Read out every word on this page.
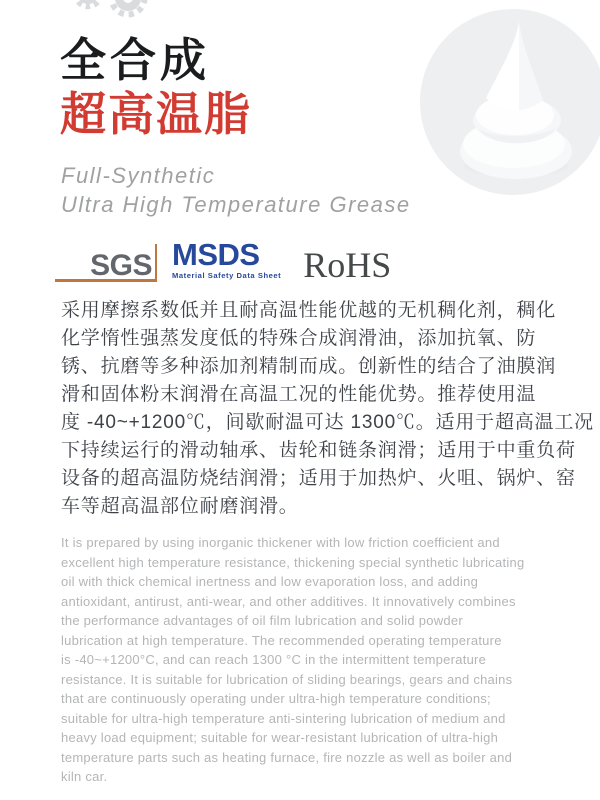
全合成
超高温脂
Full-Synthetic
Ultra High Temperature Grease
SGS MSDS
Material Safety Data Sheet RoHS
采用摩擦系数低并且耐高温性能优越的无机稠化剂，稠化
化学惰性强蒸发度低的特殊合成润滑油，添加抗氧、防
锈、抗磨等多种添加剂精制而成。创新性的结合了油膜润
滑和固体粉末润滑在高温工况的性能优势。推荐使用温
度 -40~+1200℃，间歇耐温可达 1300℃。适用于超高温工况
下持续运行的滑动轴承、齿轮和链条润滑；适用于中重负荷
设备的超高温防烧结润滑；适用于加热炉、火咀、锅炉、窑
车等超高温部位耐磨润滑。
It is prepared by using inorganic thickener with low friction coefficient and
excellent high temperature resistance, thickening special synthetic lubricating
oil with thick chemical inertness and low evaporation loss, and adding
antioxidant, antirust, anti-wear, and other additives. It innovatively combines
the performance advantages of oil film lubrication and solid powder
lubrication at high temperature. The recommended operating temperature
is -40~+1200°C, and can reach 1300 °C in the intermittent temperature
resistance. It is suitable for lubrication of sliding bearings, gears and chains
that are continuously operating under ultra-high temperature conditions;
suitable for ultra-high temperature anti-sintering lubrication of medium and
heavy load equipment; suitable for wear-resistant lubrication of ultra-high
temperature parts such as heating furnace, fire nozzle as well as boiler and
kiln car.
